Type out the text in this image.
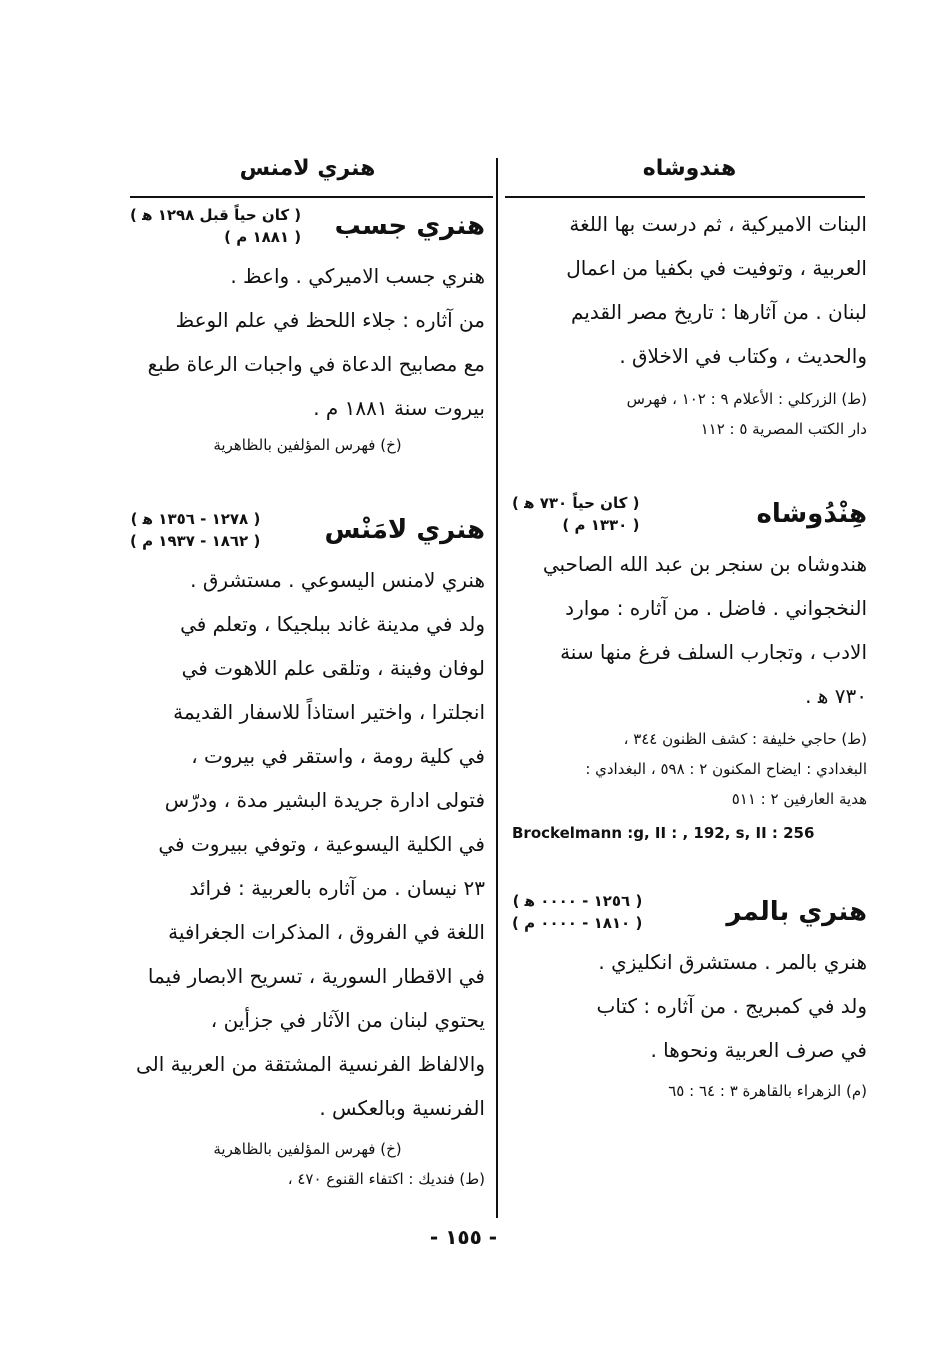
هندوشاه

البنات الاميركية ، ثم درست بها اللغة

العربية ، وتوفيت في بكفيا من اعمال

لبنان . من آثارها : تاريخ مصر القديم

والحديث ، وكتاب في الاخلاق .

(ط) الزركلي : الأعلام ٩ : ١٠٢ ، فهرس

دار الكتب المصرية ٥ : ١١٢

هِنْدُوشاه
( كان حياً ٧٣٠ ﻫ )
( ١٣٣٠ م )

هندوشاه بن سنجر بن عبد الله الصاحبي

النخجواني . فاضل . من آثاره : موارد

الادب ، وتجارب السلف فرغ منها سنة

٧٣٠ ﻫ .

(ط) حاجي خليفة : كشف الظنون ٣٤٤ ،

البغدادي : ايضاح المكنون ٢ : ٥٩٨ ، البغدادي :

هدية العارفين ٢ : ٥١١

Brockelmann :g, II : , 192, s, II : 256

هنري بالمر
( ١٢٥٦ - ٠٠٠٠ ﻫ )
( ١٨١٠ - ٠٠٠٠ م )

هنري بالمر . مستشرق انكليزي .

ولد في كمبريج . من آثاره : كتاب

في صرف العربية ونحوها .

(م) الزهراء بالقاهرة ٣ : ٦٤ : ٦٥

هنري لامنس
هنري جسب
( كان حياً قبل ١٢٩٨ ﻫ )
( ١٨٨١ م )

هنري جسب الاميركي . واعظ .

من آثاره : جلاء اللحظ في علم الوعظ

مع مصابيح الدعاة في واجبات الرعاة طبع

بيروت سنة ١٨٨١ م .

(خ) فهرس المؤلفين بالظاهرية

هنري لامَنْس
( ١٢٧٨ - ١٣٥٦ ﻫ )
( ١٨٦٢ - ١٩٣٧ م )

هنري لامنس اليسوعي . مستشرق .

ولد في مدينة غاند ببلجيكا ، وتعلم في

لوفان وفينة ، وتلقى علم اللاهوت في

انجلترا ، واختير استاذاً للاسفار القديمة

في كلية رومة ، واستقر في بيروت ،

فتولى ادارة جريدة البشير مدة ، ودرّس

في الكلية اليسوعية ، وتوفي ببيروت في

٢٣ نيسان . من آثاره بالعربية : فرائد

اللغة في الفروق ، المذكرات الجغرافية

في الاقطار السورية ، تسريح الابصار فيما

يحتوي لبنان من الآثار في جزأين ،

والالفاظ الفرنسية المشتقة من العربية الى

الفرنسية وبالعكس .

(خ) فهرس المؤلفين بالظاهرية

(ط) فنديك : اكتفاء القنوع ٤٧٠ ،

- ١٥٥ -
